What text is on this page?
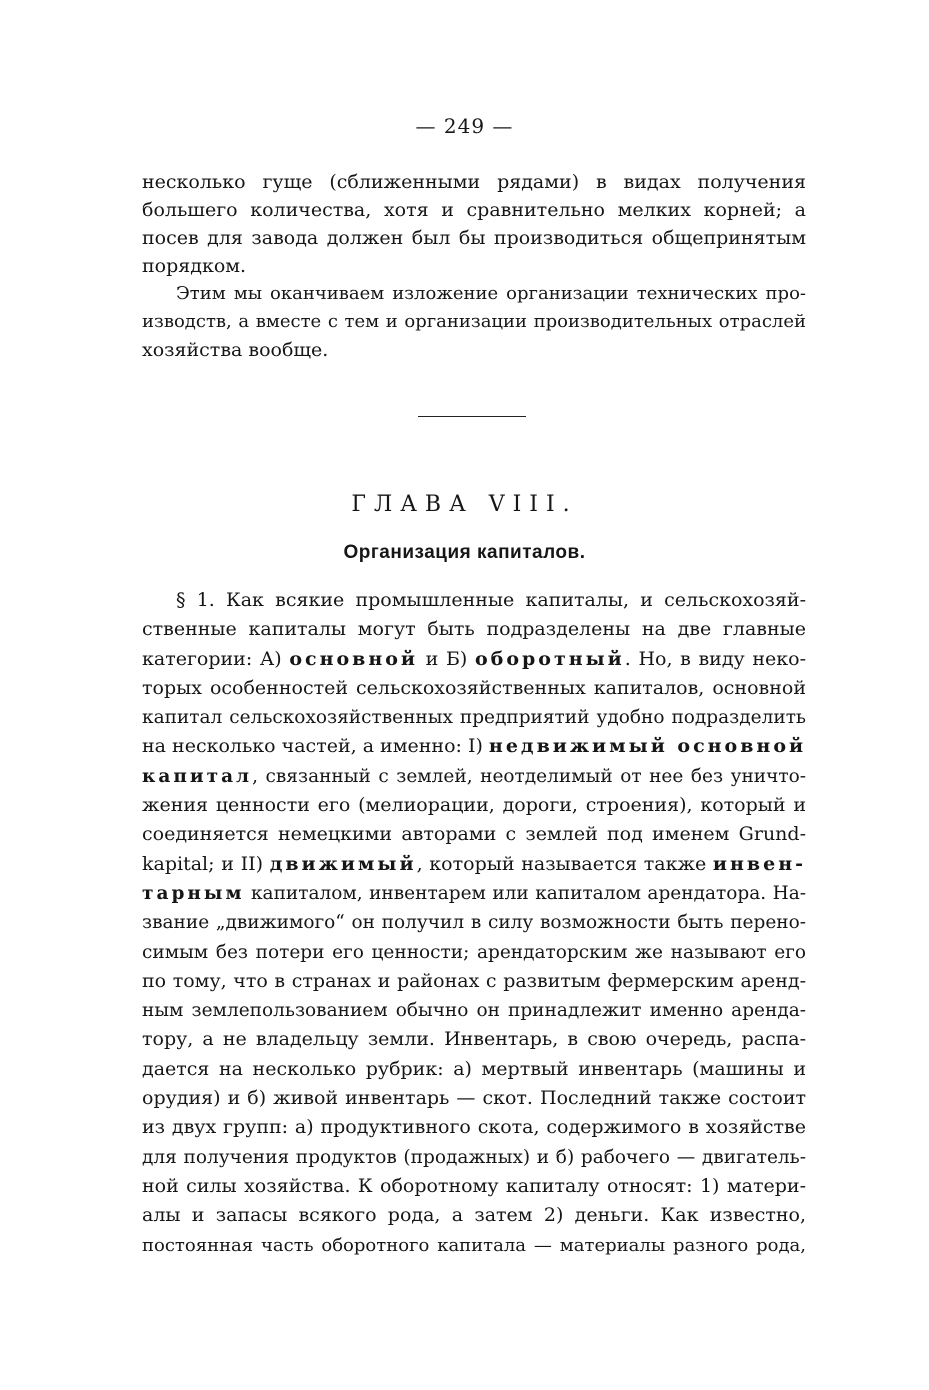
— 249 —
несколько гуще (сближенными рядами) в видах получения
большего количества, хотя и сравнительно мелких корней; а
посев для завода должен был бы производиться общепринятым
порядком.
Этим мы оканчиваем изложение организации технических про-
изводств, а вместе с тем и организации производительных отраслей
хозяйства вообще.
ГЛАВА VIII.
Организация капиталов.
§ 1. Как всякие промышленные капиталы, и сельскохозяй-
ственные капиталы могут быть подразделены на две главные
категории: А) основной и Б) оборотный. Но, в виду неко-
торых особенностей сельскохозяйственных капиталов, основной
капитал сельскохозяйственных предприятий удобно подразделить
на несколько частей, а именно: I) недвижимый основной
капитал, связанный с землей, неотделимый от нее без уничто-
жения ценности его (мелиорации, дороги, строения), который и
соединяется немецкими авторами с землей под именем Grund-
kapital; и II) движимый, который называется также инвен-
тарным капиталом, инвентарем или капиталом арендатора. На-
звание „движимого“ он получил в силу возможности быть перено-
симым без потери его ценности; арендаторским же называют его
по тому, что в странах и районах с развитым фермерским аренд-
ным землепользованием обычно он принадлежит именно аренда-
тору, а не владельцу земли. Инвентарь, в свою очередь, распа-
дается на несколько рубрик: а) мертвый инвентарь (машины и
орудия) и б) живой инвентарь — скот. Последний также состоит
из двух групп: а) продуктивного скота, содержимого в хозяйстве
для получения продуктов (продажных) и б) рабочего — двигатель-
ной силы хозяйства. К оборотному капиталу относят: 1) матери-
алы и запасы всякого рода, а затем 2) деньги. Как известно,
постоянная часть оборотного капитала — материалы разного рода,
